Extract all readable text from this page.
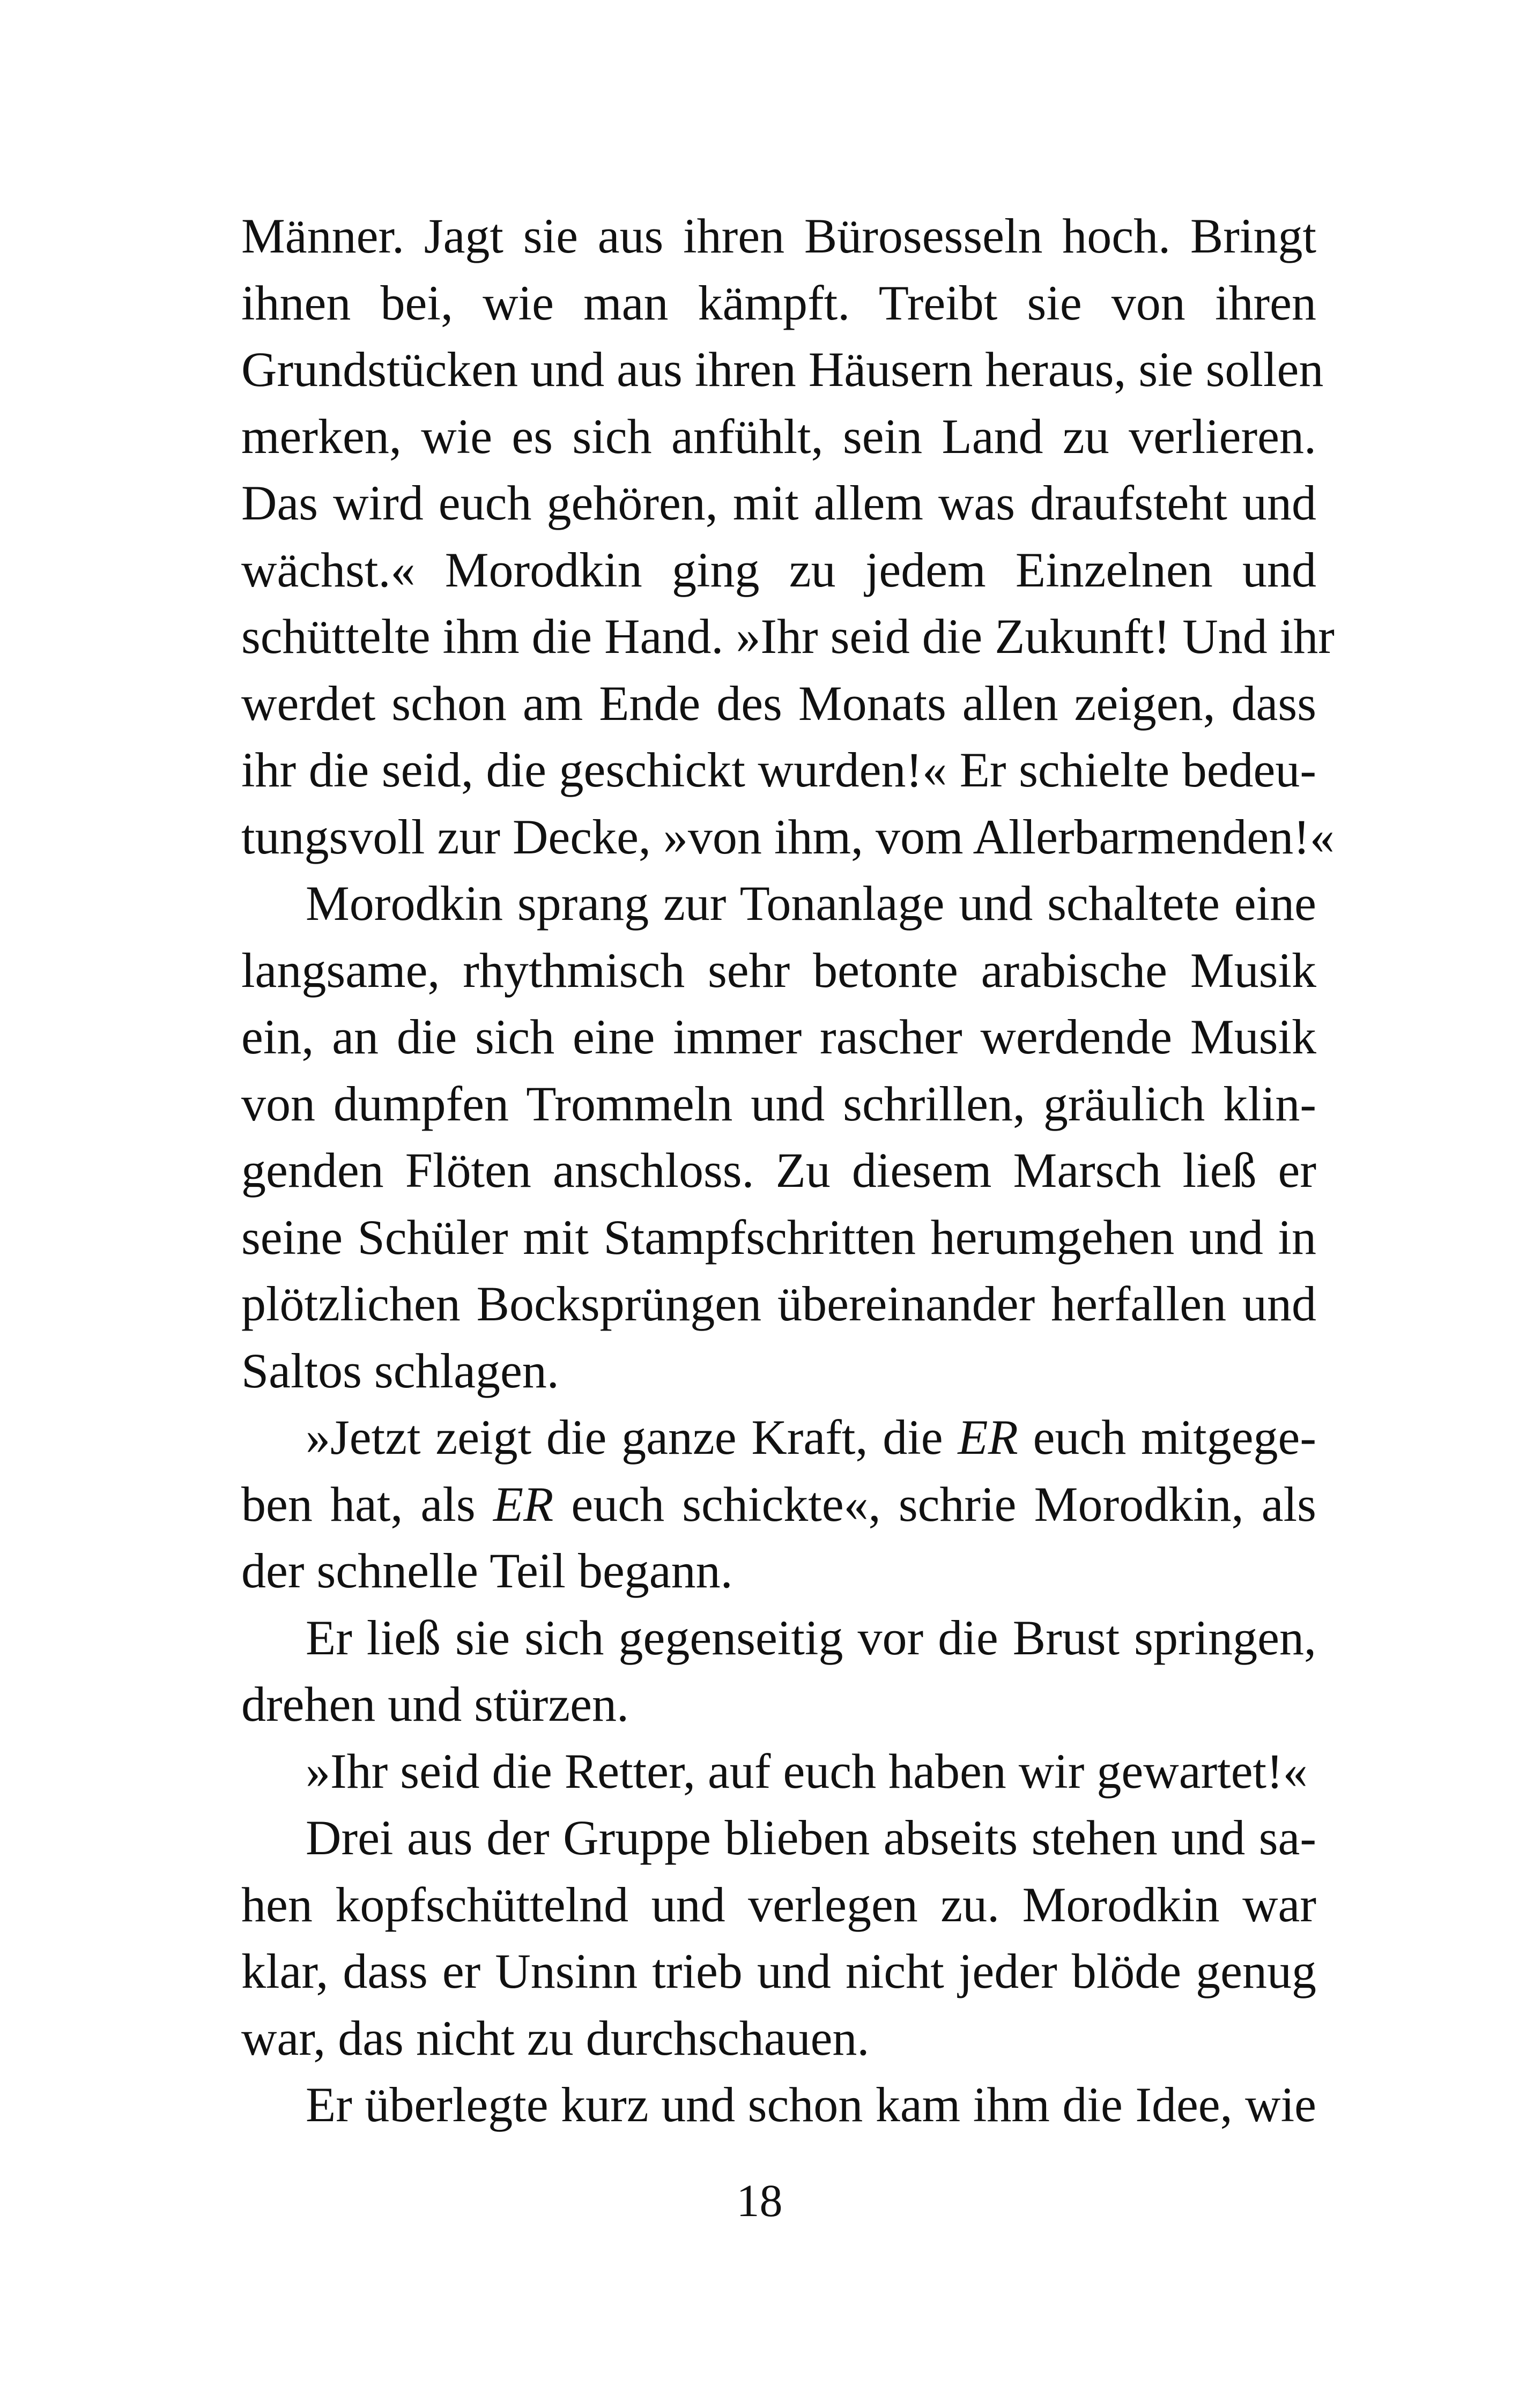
Männer. Jagt sie aus ihren Bürosesseln hoch. Bringt
ihnen bei, wie man kämpft. Treibt sie von ihren
Grundstücken und aus ihren Häusern heraus, sie sollen
merken, wie es sich anfühlt, sein Land zu verlieren.
Das wird euch gehören, mit allem was draufsteht und
wächst.« Morodkin ging zu jedem Einzelnen und
schüttelte ihm die Hand. »Ihr seid die Zukunft! Und ihr
werdet schon am Ende des Monats allen zeigen, dass
ihr die seid, die geschickt wurden!« Er schielte bedeu-
tungsvoll zur Decke, »von ihm, vom Allerbarmenden!«
Morodkin sprang zur Tonanlage und schaltete eine
langsame, rhythmisch sehr betonte arabische Musik
ein, an die sich eine immer rascher werdende Musik
von dumpfen Trommeln und schrillen, gräulich klin-
genden Flöten anschloss. Zu diesem Marsch ließ er
seine Schüler mit Stampfschritten herumgehen und in
plötzlichen Bocksprüngen übereinander herfallen und
Saltos schlagen.
»Jetzt zeigt die ganze Kraft, die ER euch mitgege-
ben hat, als ER euch schickte«, schrie Morodkin, als
der schnelle Teil begann.
Er ließ sie sich gegenseitig vor die Brust springen,
drehen und stürzen.
»Ihr seid die Retter, auf euch haben wir gewartet!«
Drei aus der Gruppe blieben abseits stehen und sa-
hen kopfschüttelnd und verlegen zu. Morodkin war
klar, dass er Unsinn trieb und nicht jeder blöde genug
war, das nicht zu durchschauen.
Er überlegte kurz und schon kam ihm die Idee, wie
18
